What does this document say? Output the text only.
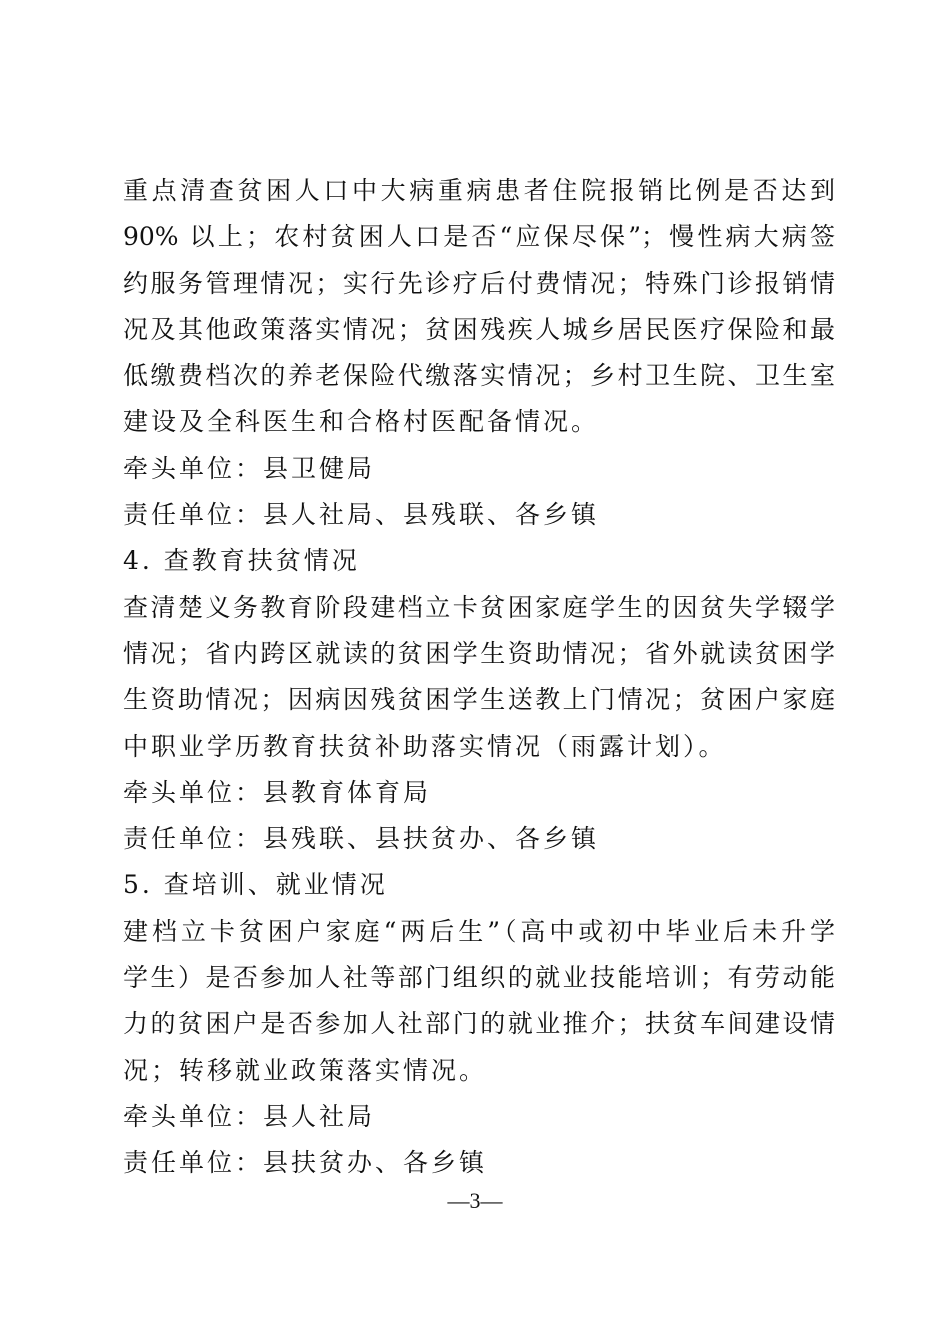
重点清查贫困人口中大病重病患者住院报销比例是否达到
90% 以上；农村贫困人口是否“应保尽保”；慢性病大病签
约服务管理情况；实行先诊疗后付费情况；特殊门诊报销情
况及其他政策落实情况；贫困残疾人城乡居民医疗保险和最
低缴费档次的养老保险代缴落实情况；乡村卫生院、卫生室
建设及全科医生和合格村医配备情况。
牵头单位：县卫健局
责任单位：县人社局、县残联、各乡镇
4. 查教育扶贫情况
查清楚义务教育阶段建档立卡贫困家庭学生的因贫失学辍学
情况；省内跨区就读的贫困学生资助情况；省外就读贫困学
生资助情况；因病因残贫困学生送教上门情况；贫困户家庭
中职业学历教育扶贫补助落实情况（雨露计划）。
牵头单位：县教育体育局
责任单位：县残联、县扶贫办、各乡镇
5. 查培训、就业情况
建档立卡贫困户家庭“两后生”（高中或初中毕业后未升学
学生）是否参加人社等部门组织的就业技能培训；有劳动能
力的贫困户是否参加人社部门的就业推介；扶贫车间建设情
况；转移就业政策落实情况。
牵头单位：县人社局
责任单位：县扶贫办、各乡镇
—3—
